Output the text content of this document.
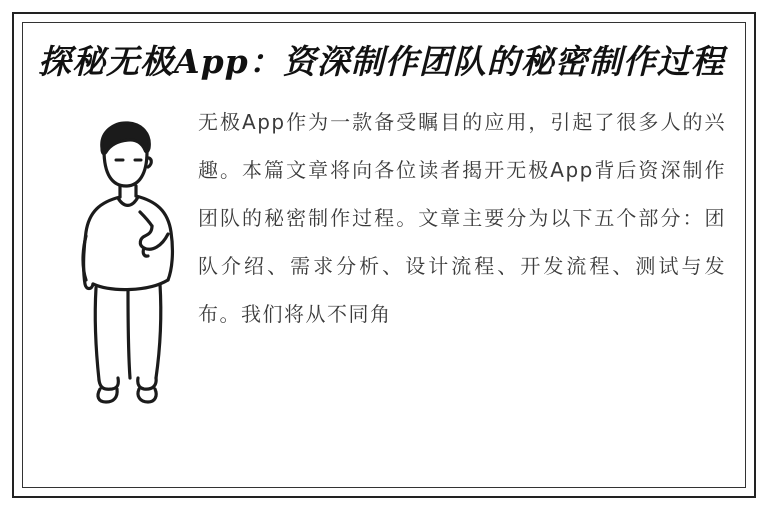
探秘无极App：资深制作团队的秘密制作过程
无极App作为一款备受瞩目的应用，引起了很多人的兴趣。本篇文章将向各位读者揭开无极App背后资深制作团队的秘密制作过程。文章主要分为以下五个部分：团队介绍、需求分析、设计流程、开发流程、测试与发布。我们将从不同角
